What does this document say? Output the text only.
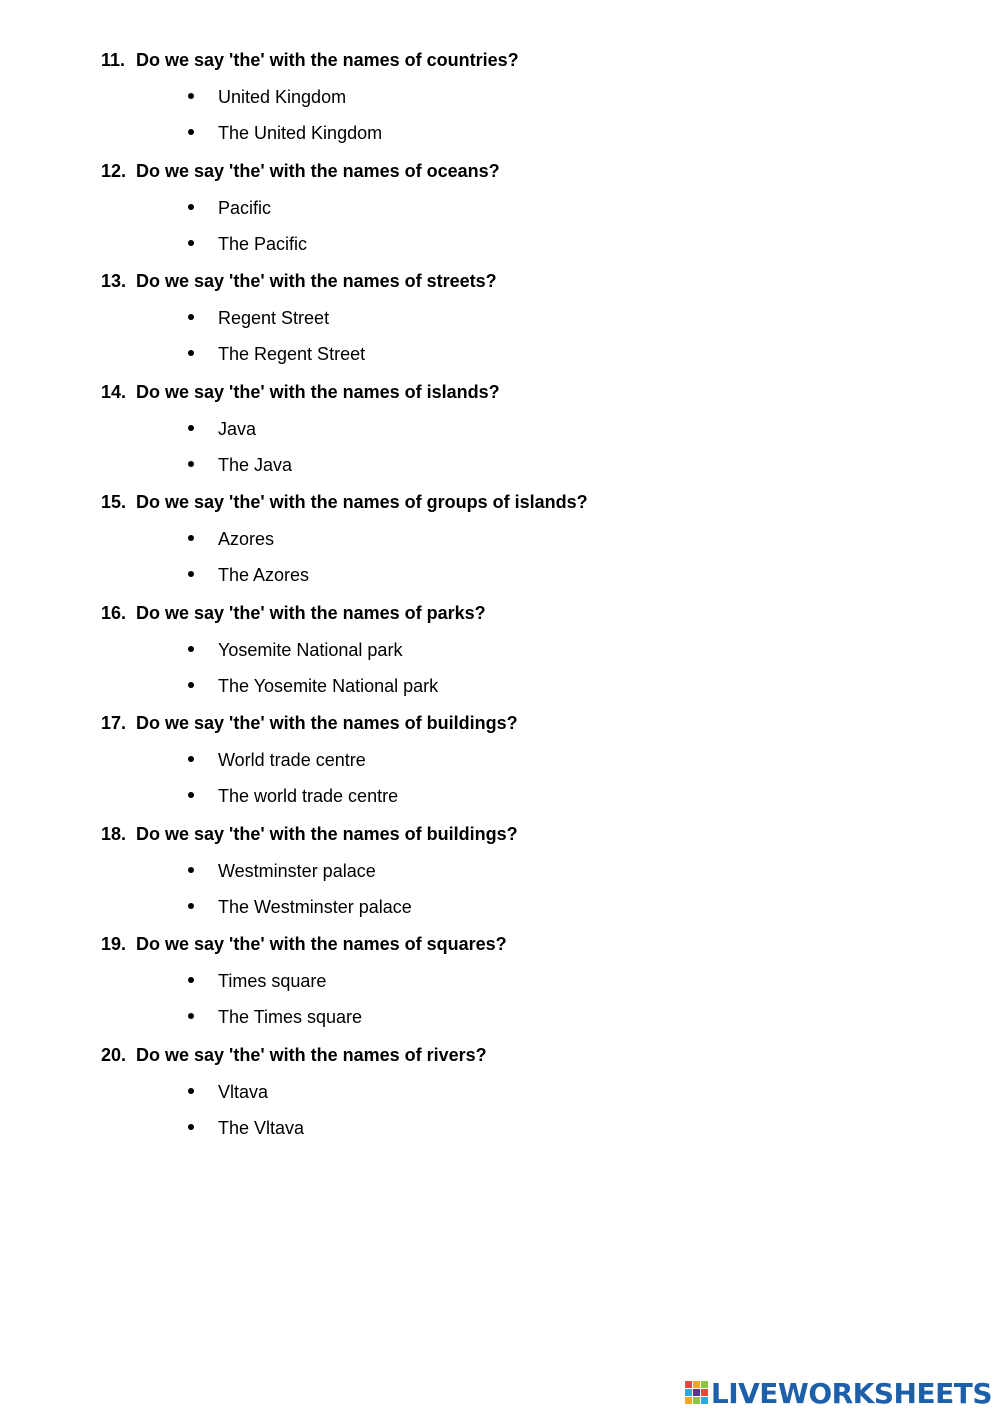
11. Do we say 'the' with the names of countries?
United Kingdom
The United Kingdom
12. Do we say 'the' with the names of oceans?
Pacific
The Pacific
13. Do we say 'the' with the names of streets?
Regent Street
The Regent Street
14. Do we say 'the' with the names of islands?
Java
The Java
15. Do we say 'the' with the names of groups of islands?
Azores
The Azores
16. Do we say 'the' with the names of parks?
Yosemite National park
The Yosemite National park
17. Do we say 'the' with the names of buildings?
World trade centre
The world trade centre
18. Do we say 'the' with the names of buildings?
Westminster palace
The Westminster palace
19. Do we say 'the' with the names of squares?
Times square
The Times square
20. Do we say 'the' with the names of rivers?
Vltava
The Vltava
LIVEWORKSHEETS
